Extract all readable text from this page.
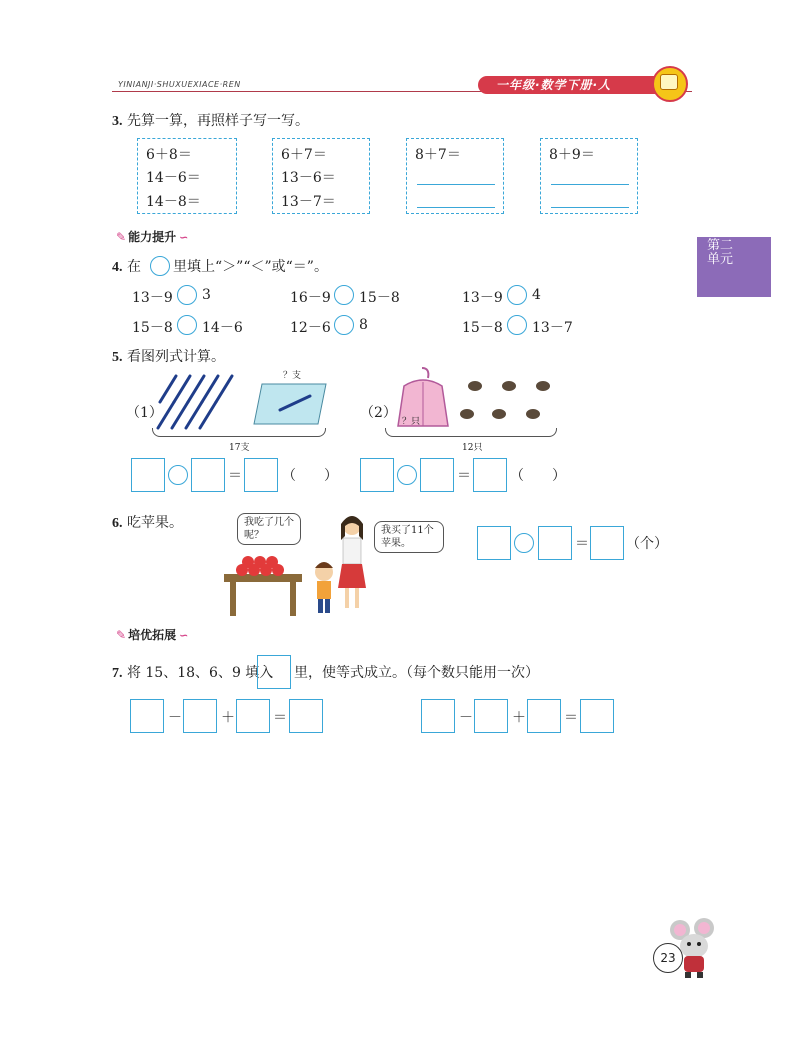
YINIANJI·SHUXUEXIACE·REN	一年级·数学下册·人
第二
单元
3. 先算一算，再照样子写一写。
6＋8＝
14－6＝
14－8＝
6＋7＝
13－6＝
13－7＝
8＋7＝	8＋9＝
✎ 能力提升 ∽
4. 在 里填上“＞”“＜”或“＝”。
13－9 3	16－9 15－8	13－9 4
15－8 14－6	12－6 8	15－8 13－7
5. 看图列式计算。
（1）
？支
17支
（2）
？只
12只
＝	（　　）	＝	（　　）
6. 吃苹果。	我吃了几个呢？	我买了11个苹果。	＝	（个）
✎ 培优拓展 ∽
7. 将 15、18、6、9 填入 里，使等式成立。（每个数只能用一次）
－	＋	＝	－	＋	＝
23
